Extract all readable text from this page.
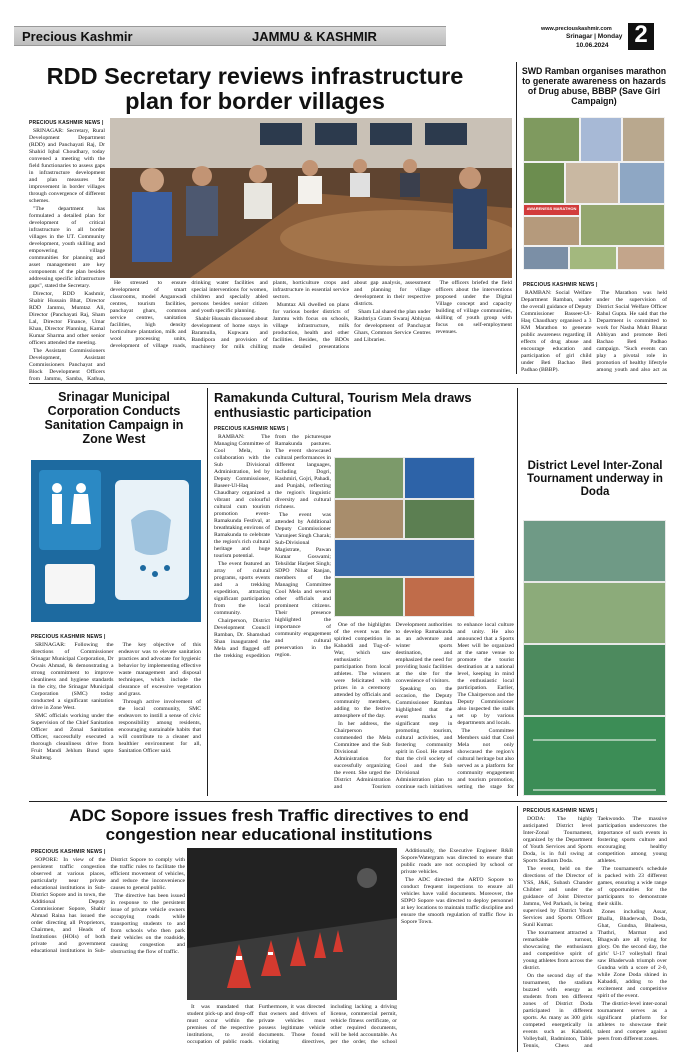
Precious Kashmir	JAMMU & KASHMIR	www.preciouskashmir.com
Srinagar | Monday
10.06.2024 2
RDD Secretary reviews infrastructure plan for border villages
PRECIOUS KASHMIR NEWS |

SRINAGAR: Secretary, Rural Development Department (RDD) and Panchayati Raj, Dr Shahid Iqbal Choudhary, today convened a meeting with the field functionaries to assess gaps in infrastructure development and plan measures for improvement in border villages through convergence of different schemes.

"The department has formulated a detailed plan for development of critical infrastructure in all border villages in the UT. Community development, youth skilling and empowering village communities for planning and asset management are key components of the plan besides addressing specific infrastructure gaps", stated the Secretary.

Director, RDD Kashmir, Shabir Hussain Bhat, Director RDD Jammu, Mumtaz Ali, Director (Panchayati Raj, Sham Lal, Director Finance, Umar Khan, Director Planning, Kamal Kumar Sharma and other senior officers attended the meeting.

The Assistant Commissioners Development, Assistant Commissioners Panchayat and Block Development Officers from Jammu, Samba, Kathua,

He stressed to ensure development of smart classrooms, model Anganwadi centres, tourism facilities, panchayat ghars, common service centres, sanitation facilities, high density horticulture plantation, milk and wool processing units, development of village roads, drinking water facilities and special interventions for women, children and specially abled persons besides senior citizen and youth specific planning.

Shabir Hussain discussed about development of home stays in Baramulla, Kupwara and Bandipora and provision of machinery for milk chilling plants, horticulture crops and infrastructure in essential service sectors.

Mumtaz Ali dwelled on plans for various border districts of Jammu with focus on schools, village infrastructure, milk production, health and other facilities. Besides, the BDOs made detailed presentations about gap analysis, assessment and planning for village development in their respective districts.

Sham Lal shared the plan under Rashtriya Gram Swaraj Abhiyan for development of Panchayat Ghars, Common Service Centres and Libraries.

The officers briefed the field officers about the interventions proposed under the Digital Village concept and capacity building of village communities, skilling of youth group with focus on self-employment revenues.

SWD Ramban organises marathon to generate awareness on hazards of Drug abuse, BBBP (Save Girl Campaign)
AWARENESS MARATHON
PRECIOUS KASHMIR NEWS |

RAMBAN: Social Welfare Department Ramban, under the overall guidance of Deputy Commissioner Basseer-Ul-Haq Chaudhary organised a 3 KM Marathon to generate public awareness regarding ill effects of drug abuse and encourage education and participation of girl child under Beti Bachao Beti Padhao (BBBP).

The Marathon was held under the supervision of District Social Welfare Officer Rahul Gupta. He said that the Department is committed to work for Nasha Mukt Bharat Abhiyan and promote Beti Bachao Beti Padhao campaign. "Such events can play a pivotal role in promotion of healthy lifestyle among youth and also act as

Srinagar Municipal Corporation Conducts Sanitation Campaign in Zone West
PRECIOUS KASHMIR NEWS |

SRINAGAR: Following the directions of Commissioner Srinagar Municipal Corporation, Dr Owais Ahmad, & demonstrating a strong commitment to improve cleanliness and hygiene standards in the city, the Srinagar Municipal Corporation (SMC) today conducted a significant sanitation drive in Zone West.

SMC officials working under the Supervision of the Chief Sanitation Officer and Zonal Sanitation Officer, successfully executed a thorough cleanliness drive from Fruit Mandi Jehlum Bund upto Shalteng.

The key objective of this endeavor was to elevate sanitation practices and advocate for hygienic behavior by implementing effective waste management and disposal techniques, which include the clearance of excessive vegetation and grass.

Through active involvement of the local community, SMC endeavors to instill a sense of civic responsibility among residents, encouraging sustainable habits that will contribute to a cleaner and healthier environment for all, Sanitation Officer said.

Ramakunda Cultural, Tourism Mela draws enthusiastic participation
PRECIOUS KASHMIR NEWS |

RAMBAN: The Managing Committee of Cool Mela, in collaboration with the Sub Divisional Administration, led by Deputy Commissioner, Baseer-Ul-Haq Chaudhary organized a vibrant and colourful cultural cum tourism promotion event- Ramakunda Festival, at breathtaking environs of Ramakunda to celebrate the region's rich cultural heritage and huge tourism potential.

The event featured an array of cultural programs, sports events and a trekking expedition, attracting significant participation from the local community.

Chairperson, District Development Council Ramban, Dr. Shamshad Shan inaugurated the Mela and flagged off the trekking expedition from the picturesque Ramakunda pastures. The event showcased cultural performances in different languages, including Dogri, Kashmiri, Gojri, Pahadi, and Punjabi, reflecting the region's linguistic diversity and cultural richness.

The event was attended by Additional Deputy Commissioner Varunjeet Singh Charak; Sub-Divisional Magistrate, Pawan Kumar Goswami; Tehsildar Harjeet Singh; SDPO Nihar Ranjan, members of the Managing Committee Cool Mela and several other officials and prominent citizens. Their presence highlighted the importance of community engagement and cultural preservation in the region.

One of the highlights of the event was the spirited competition in Kabaddi and Tug-of-War, which saw enthusiastic participation from local athletes. The winners were felicitated with prizes in a ceremony attended by officials and community members, adding to the festive atmosphere of the day.

In her address, the Chairperson commended the Mela Committee and the Sub Divisional Administration for successfully organizing the event. She urged the District Administration and Tourism Development authorities to develop Ramakunda as an adventure and winter sports destination, and emphasized the need for providing basic facilities at the site for the convenience of visitors.

Speaking on the occasion, the Deputy Commissioner Ramban highlighted that the event marks a significant step in promoting tourism, cultural activities, and fostering community spirit in Gool. He stated that the civil society of Gool and the Sub Divisional Administration plan to continue such initiatives to enhance local culture and unity. He also announced that a Sports Meet will be organized at the same venue to promote the tourist destination at a national level, keeping in mind the enthusiastic local participation. Earlier, The Chairperson and the Deputy Commissioner also inspected the stalls set up by various departments and locals.

The Committee Members said that Cool Mela not only showcased the region's cultural heritage but also served as a platform for community engagement and tourism promotion, setting the stage for

District Level Inter-Zonal Tournament underway in Doda
ADC Sopore issues fresh Traffic directives to end congestion near educational institutions
PRECIOUS KASHMIR NEWS |

SOPORE: In view of the persistent traffic congestion observed at various places, particularly near private educational institutions in Sub-District Sopore and in town, the Additional Deputy Commissioner Sopore, Shabir Ahmad Raina has issued the order directing all Proprietors, Chairmen, and Heads of Institutions (HOIs) of both private and government educational institutions in Sub-District Sopore to comply with the traffic rules to facilitate the efficient movement of vehicles, and reduce the inconvenience causes to general public.

The directive has been issued in response to the persistent issue of private vehicle owners occupying roads while transporting students to and from schools who then park their vehicles on the roadside, causing congestion and obstructing the flow of traffic.

It was mandated that student pick-up and drop-off must occur within the premises of the respective institutions, to avoid occupation of public roads. Furthermore, it was directed that owners and drivers of private vehicles must possess legitimate vehicle documents. Those found violating directives, including lacking a driving license, commercial permit, vehicle fitness certificate, or other required documents, will be held accountable. As per the order, the school

Additionally, the Executive Engineer R&B Sopore/Watergram was directed to ensure that public roads are not occupied by school or private vehicles.

The ADC directed the ARTO Sopore to conduct frequent inspections to ensure all vehicles have valid documents. Moreover, the SDPO Sopore was directed to deploy personnel at key locations to maintain traffic discipline and ensure the smooth regulation of traffic flow in Sopore Town.

PRECIOUS KASHMIR NEWS |

DODA: The highly anticipated District level Inter-Zonal Tournament, organized by the Department of Youth Services and Sports Doda, is in full swing at Sports Stadium Doda.

The event, held on the directions of the Director of YSS, J&K, Subash Chander Chibber and under the guidance of Joint Director Jammu, Ved Parkash, is being supervised by District Youth Services and Sports Officer Sunil Kumar.

The tournament attracted a remarkable turnout, showcasing the enthusiasm and competitive spirit of young athletes from across the district.

On the second day of the tournament, the stadium buzzed with energy as students from ten different zones of District Doda participated in different sports. As many as 300 girls competed energetically in events such as Kabaddi, Volleyball, Badminton, Table Tennis, Chess and Taekwondo. The massive participation underscores the importance of such events in fostering sports culture and encouraging healthy competition among young athletes.

The tournament's schedule is packed with 23 different games, ensuring a wide range of opportunities for the participants to demonstrate their skills.

Zones including Assar, Bhalla, Bhaderwah, Doda, Ghat, Gundna, Bhaleesa, Thathri, Marmat and Bhagwah are all vying for glory. On the second day, the girls' U-17 volleyball final saw Bhaderwah triumph over Gundna with a score of 2-0, while Zone Doda shined in Kabaddi, adding to the excitement and competitive spirit of the event.

The district-level inter-zonal tournament serves as a significant platform for athletes to showcase their talent and compete against peers from different zones.
